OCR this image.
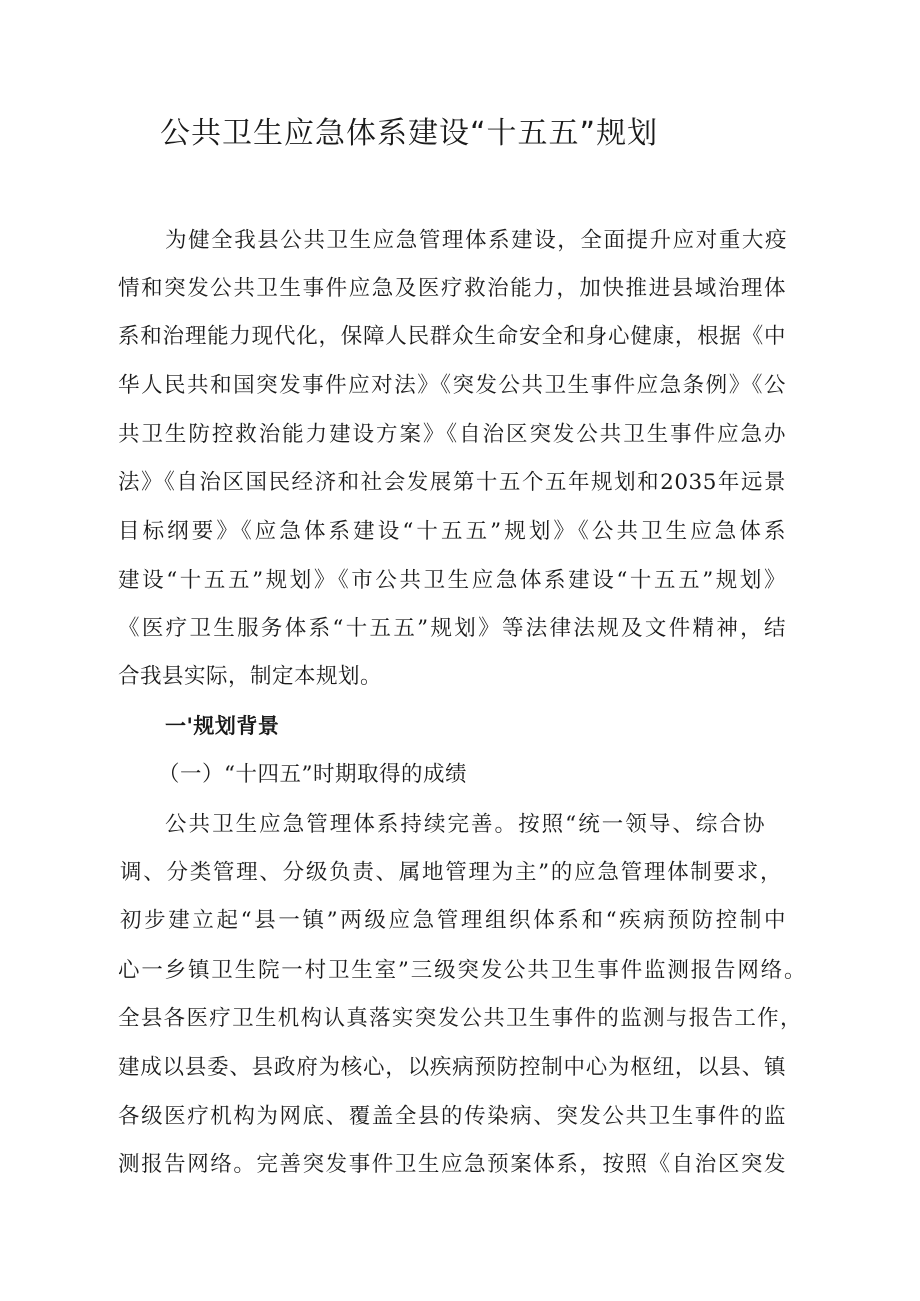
公共卫生应急体系建设“十五五”规划
为健全我县公共卫生应急管理体系建设，全面提升应对重大疫
情和突发公共卫生事件应急及医疗救治能力，加快推进县域治理体
系和治理能力现代化，保障人民群众生命安全和身心健康，根据《中
华人民共和国突发事件应对法》《突发公共卫生事件应急条例》《公
共卫生防控救治能力建设方案》《自治区突发公共卫生事件应急办
法》《自治区国民经济和社会发展第十五个五年规划和2035年远景
目标纲要》《应急体系建设“十五五”规划》《公共卫生应急体系
建设“十五五”规划》《市公共卫生应急体系建设“十五五”规划》
《医疗卫生服务体系“十五五”规划》等法律法规及文件精神，结
合我县实际，制定本规划。
一'规划背景
（一）“十四五”时期取得的成绩
公共卫生应急管理体系持续完善。按照“统一领导、综合协
调、分类管理、分级负责、属地管理为主”的应急管理体制要求，
初步建立起“县一镇”两级应急管理组织体系和“疾病预防控制中
心一乡镇卫生院一村卫生室”三级突发公共卫生事件监测报告网络。
全县各医疗卫生机构认真落实突发公共卫生事件的监测与报告工作，
建成以县委、县政府为核心，以疾病预防控制中心为枢纽，以县、镇
各级医疗机构为网底、覆盖全县的传染病、突发公共卫生事件的监
测报告网络。完善突发事件卫生应急预案体系，按照《自治区突发
